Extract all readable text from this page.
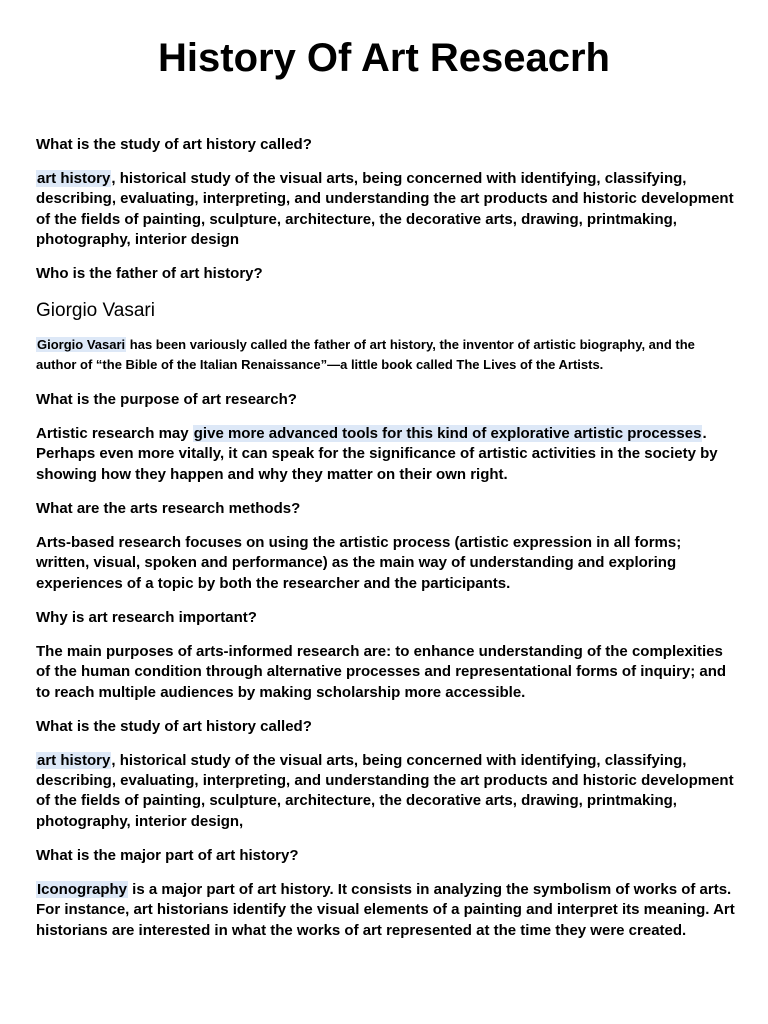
History Of Art Reseacrh

What is the study of art history called?

art history, historical study of the visual arts, being concerned with identifying, classifying, describing, evaluating, interpreting, and understanding the art products and historic development of the fields of painting, sculpture, architecture, the decorative arts, drawing, printmaking, photography, interior design

Who is the father of art history?

Giorgio Vasari

Giorgio Vasari has been variously called the father of art history, the inventor of artistic biography, and the author of “the Bible of the Italian Renaissance”—a little book called The Lives of the Artists.

What is the purpose of art research?

Artistic research may give more advanced tools for this kind of explorative artistic processes. Perhaps even more vitally, it can speak for the significance of artistic activities in the society by showing how they happen and why they matter on their own right.

What are the arts research methods?

Arts-based research focuses on using the artistic process (artistic expression in all forms; written, visual, spoken and performance) as the main way of understanding and exploring experiences of a topic by both the researcher and the participants.

Why is art research important?

The main purposes of arts-informed research are: to enhance understanding of the complexities of the human condition through alternative processes and representational forms of inquiry; and to reach multiple audiences by making scholarship more accessible.

What is the study of art history called?

art history, historical study of the visual arts, being concerned with identifying, classifying, describing, evaluating, interpreting, and understanding the art products and historic development of the fields of painting, sculpture, architecture, the decorative arts, drawing, printmaking, photography, interior design,

What is the major part of art history?

Iconography is a major part of art history. It consists in analyzing the symbolism of works of arts. For instance, art historians identify the visual elements of a painting and interpret its meaning. Art historians are interested in what the works of art represented at the time they were created.
